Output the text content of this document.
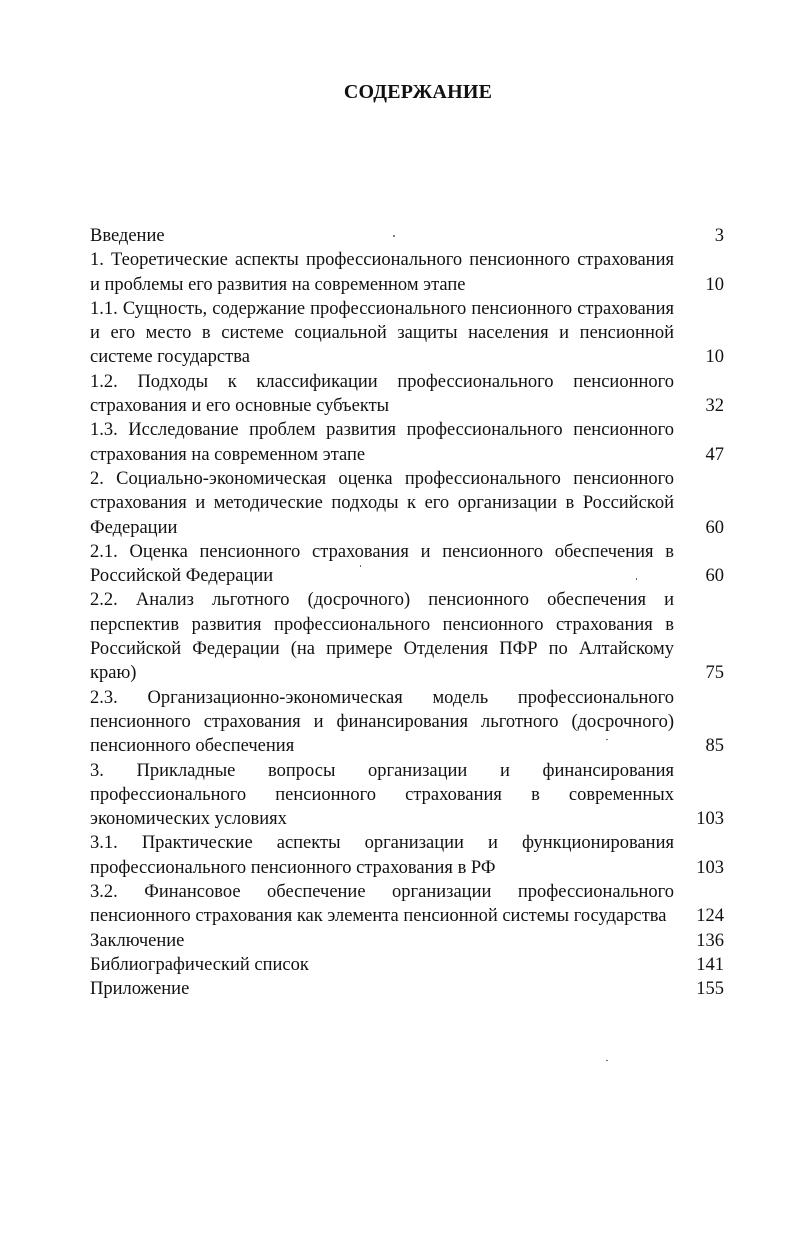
СОДЕРЖАНИЕ
Введение	3
1. Теоретические аспекты профессионального пенсионного страхования и проблемы его развития на современном этапе	10
1.1. Сущность, содержание профессионального пенсионного страхования и его место в системе социальной защиты населения и пенсионной системе государства	10
1.2. Подходы к классификации профессионального пенсионного страхования и его основные субъекты	32
1.3. Исследование проблем развития профессионального пенсионного страхования на современном этапе	47
2. Социально-экономическая оценка профессионального пенсионного страхования и методические подходы к его организации в Российской Федерации	60
2.1. Оценка пенсионного страхования и пенсионного обеспечения в Российской Федерации	60
2.2. Анализ льготного (досрочного) пенсионного обеспечения и перспектив развития профессионального пенсионного страхования в Российской Федерации (на примере Отделения ПФР по Алтайскому краю)	75
2.3. Организационно-экономическая модель профессионального пенсионного страхования и финансирования льготного (досрочного) пенсионного обеспечения	85
3. Прикладные вопросы организации и финансирования профессионального пенсионного страхования в современных экономических условиях	103
3.1. Практические аспекты организации и функционирования профессионального пенсионного страхования в РФ	103
3.2. Финансовое обеспечение организации профессионального пенсионного страхования как элемента пенсионной системы государства	124
Заключение	136
Библиографический список	141
Приложение	155
